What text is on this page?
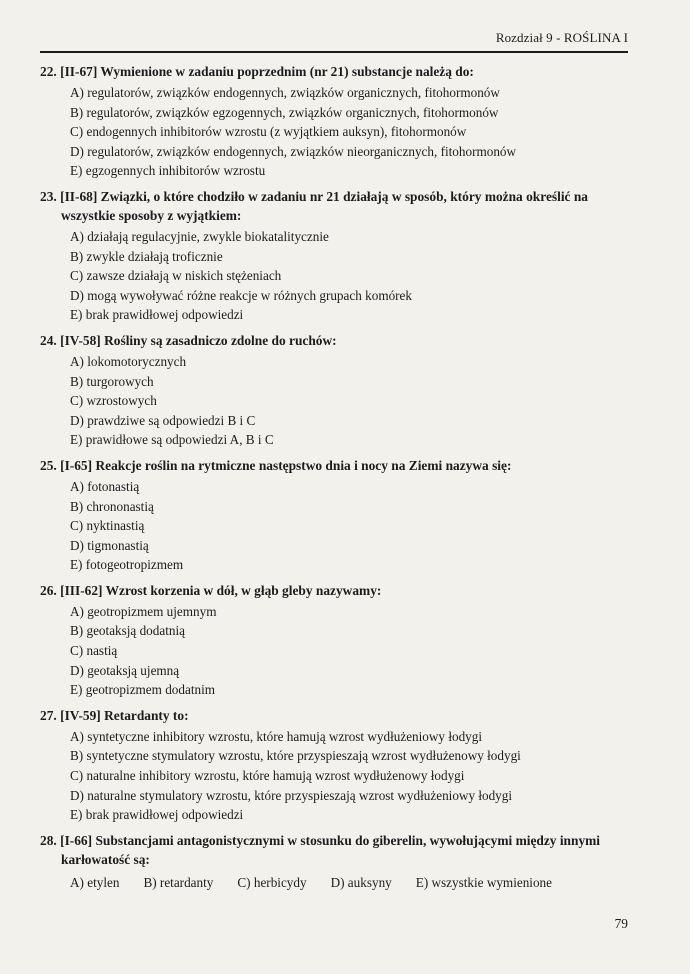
Rozdział 9 - ROŚLINA I
22. [II-67] Wymienione w zadaniu poprzednim (nr 21) substancje należą do:
A) regulatorów, związków endogennych, związków organicznych, fitohormonów
B) regulatorów, związków egzogennych, związków organicznych, fitohormonów
C) endogennych inhibitorów wzrostu (z wyjątkiem auksyn), fitohormonów
D) regulatorów, związków endogennych, związków nieorganicznych, fitohormonów
E) egzogennych inhibitorów wzrostu
23. [II-68] Związki, o które chodziło w zadaniu nr 21 działają w sposób, który można określić na wszystkie sposoby z wyjątkiem:
A) działają regulacyjnie, zwykle biokatalitycznie
B) zwykle działają troficznie
C) zawsze działają w niskich stężeniach
D) mogą wywoływać różne reakcje w różnych grupach komórek
E) brak prawidłowej odpowiedzi
24. [IV-58] Rośliny są zasadniczo zdolne do ruchów:
A) lokomotorycznych
B) turgorowych
C) wzrostowych
D) prawdziwe są odpowiedzi B i C
E) prawidłowe są odpowiedzi A, B i C
25. [I-65] Reakcje roślin na rytmiczne następstwo dnia i nocy na Ziemi nazywa się:
A) fotonastią
B) chrononastią
C) nyktinastią
D) tigmonastią
E) fotogeotropizmem
26. [III-62] Wzrost korzenia w dół, w głąb gleby nazywamy:
A) geotropizmem ujemnym
B) geotaksją dodatnią
C) nastią
D) geotaksją ujemną
E) geotropizmem dodatnim
27. [IV-59] Retardanty to:
A) syntetyczne inhibitory wzrostu, które hamują wzrost wydłużeniowy łodygi
B) syntetyczne stymulatory wzrostu, które przyspieszają wzrost wydłużenowy łodygi
C) naturalne inhibitory wzrostu, które hamują wzrost wydłużenowy łodygi
D) naturalne stymulatory wzrostu, które przyspieszają wzrost wydłużeniowy łodygi
E) brak prawidłowej odpowiedzi
28. [I-66] Substancjami antagonistycznymi w stosunku do giberelin, wywołującymi między innymi karłowatość są:
A) etylen B) retardanty C) herbicydy D) auksyny E) wszystkie wymienione
79
